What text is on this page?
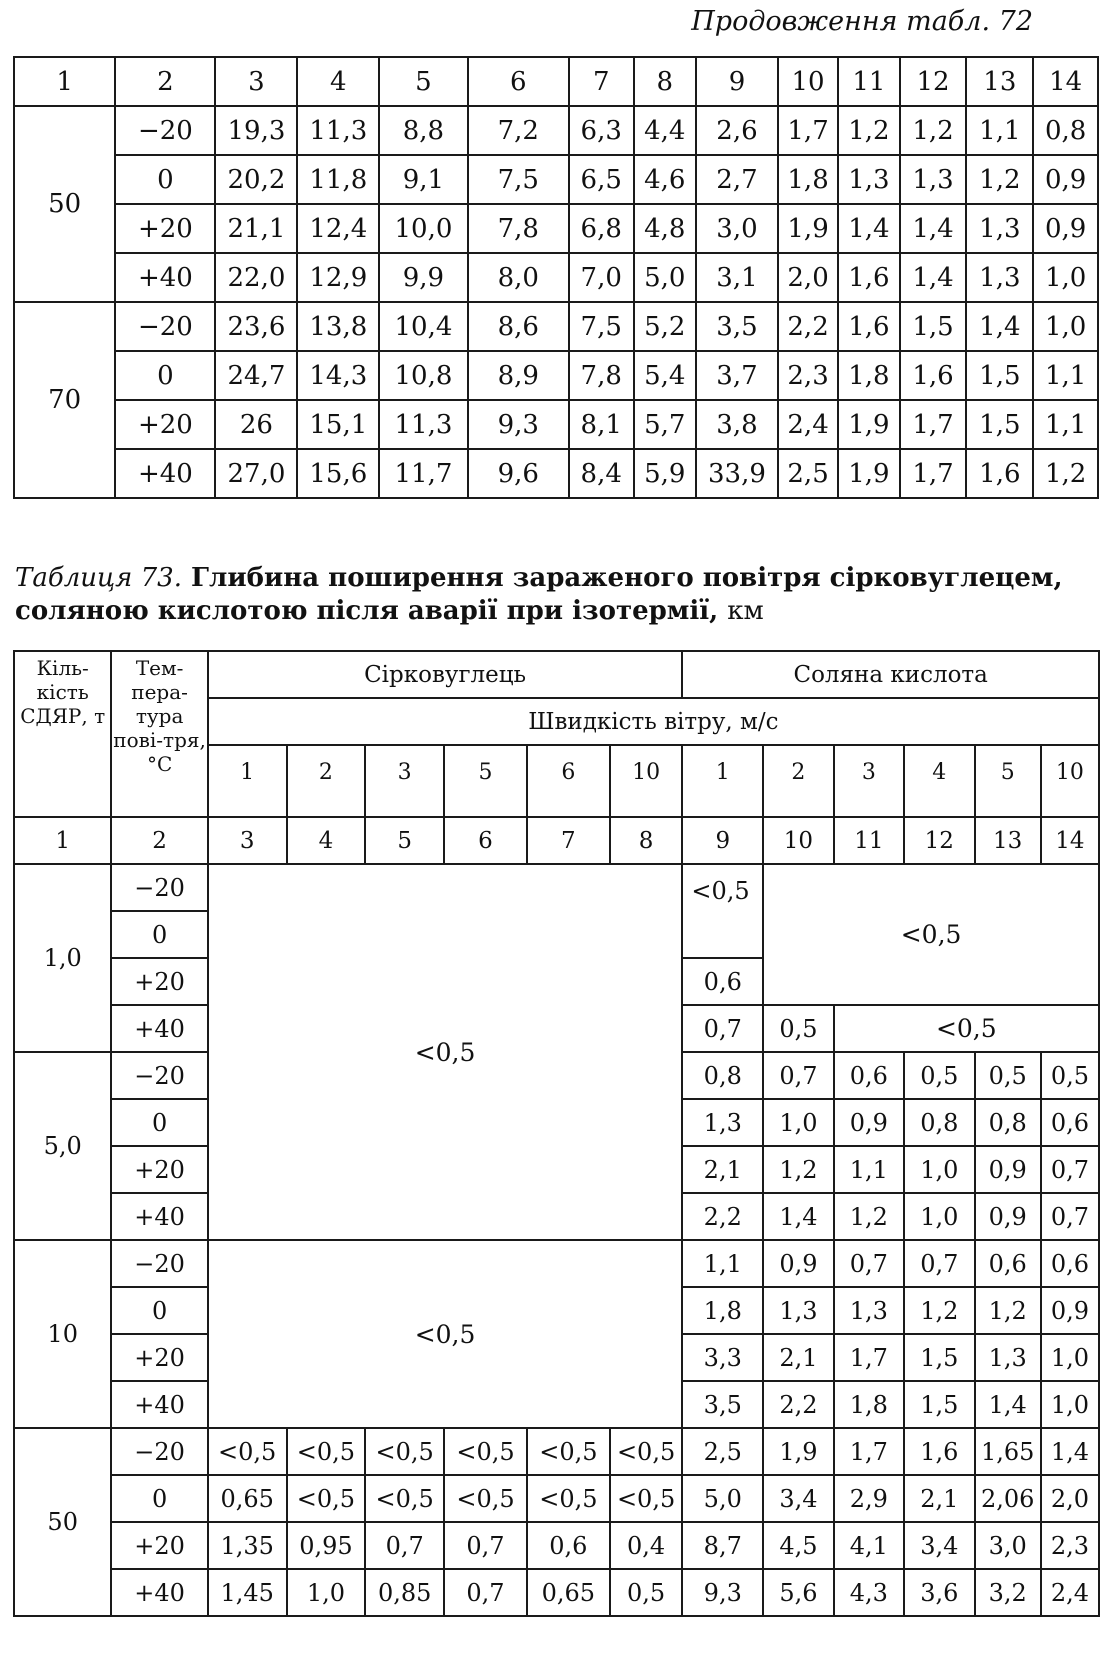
Продовження табл. 72
1	2	3	4	5	6	7	8	9	10	11	12	13	14
50	−20	19,3	11,3	8,8	7,2	6,3	4,4	2,6	1,7	1,2	1,2	1,1	0,8
	0	20,2	11,8	9,1	7,5	6,5	4,6	2,7	1,8	1,3	1,3	1,2	0,9
	+20	21,1	12,4	10,0	7,8	6,8	4,8	3,0	1,9	1,4	1,4	1,3	0,9
	+40	22,0	12,9	9,9	8,0	7,0	5,0	3,1	2,0	1,6	1,4	1,3	1,0
70	−20	23,6	13,8	10,4	8,6	7,5	5,2	3,5	2,2	1,6	1,5	1,4	1,0
	0	24,7	14,3	10,8	8,9	7,8	5,4	3,7	2,3	1,8	1,6	1,5	1,1
	+20	26	15,1	11,3	9,3	8,1	5,7	3,8	2,4	1,9	1,7	1,5	1,1
	+40	27,0	15,6	11,7	9,6	8,4	5,9	33,9	2,5	1,9	1,7	1,6	1,2
Таблиця 73. Глибина поширення зараженого повітря сірковуглецем, соляною кислотою після аварії при ізотермії, км
Кіль-кість СДЯР, т	Тем-пера-тура пові-тря, °С	Сірковуглець						Соляна кислота					
		Швидкість вітру, м/с											
		1	2	3	5	6	10	1	2	3	4	5	10
1	2	3	4	5	6	7	8	9	10	11	12	13	14
1,0	−20	<0,5						<0,5	<0,5				
	0												
	+20							0,6					
	+40							0,7	0,5	<0,5			
5,0	−20							0,8	0,7	0,6	0,5	0,5	0,5
	0							1,3	1,0	0,9	0,8	0,8	0,6
	+20							2,1	1,2	1,1	1,0	0,9	0,7
	+40							2,2	1,4	1,2	1,0	0,9	0,7
10	−20	<0,5						1,1	0,9	0,7	0,7	0,6	0,6
	0							1,8	1,3	1,3	1,2	1,2	0,9
	+20							3,3	2,1	1,7	1,5	1,3	1,0
	+40							3,5	2,2	1,8	1,5	1,4	1,0
50	−20	<0,5	<0,5	<0,5	<0,5	<0,5	<0,5	2,5	1,9	1,7	1,6	1,65	1,4
	0	0,65	<0,5	<0,5	<0,5	<0,5	<0,5	5,0	3,4	2,9	2,1	2,06	2,0
	+20	1,35	0,95	0,7	0,7	0,6	0,4	8,7	4,5	4,1	3,4	3,0	2,3
	+40	1,45	1,0	0,85	0,7	0,65	0,5	9,3	5,6	4,3	3,6	3,2	2,4
